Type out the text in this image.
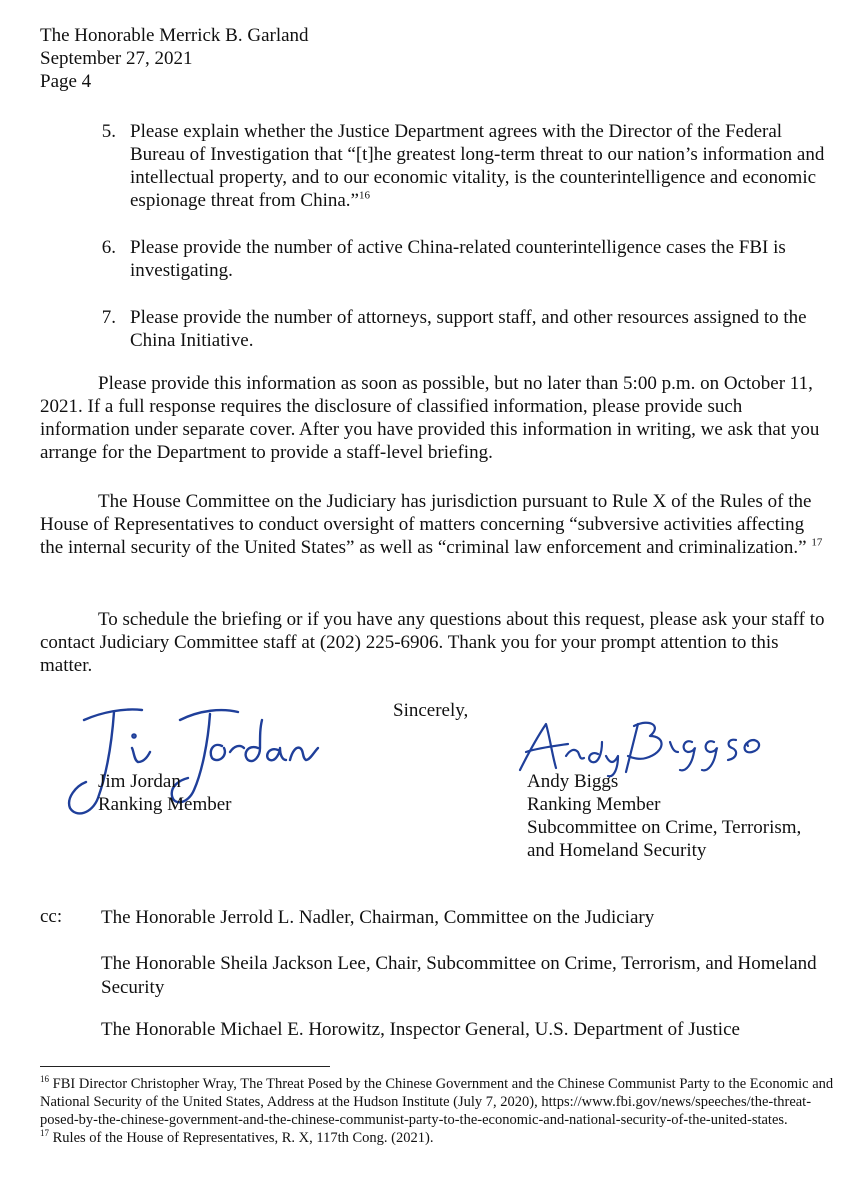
The Honorable Merrick B. Garland
September 27, 2021
Page 4
5. Please explain whether the Justice Department agrees with the Director of the Federal Bureau of Investigation that “[t]he greatest long-term threat to our nation’s information and intellectual property, and to our economic vitality, is the counterintelligence and economic espionage threat from China.”$^{16}$
6. Please provide the number of active China-related counterintelligence cases the FBI is investigating.
7. Please provide the number of attorneys, support staff, and other resources assigned to the China Initiative.
Please provide this information as soon as possible, but no later than 5:00 p.m. on October 11, 2021. If a full response requires the disclosure of classified information, please provide such information under separate cover. After you have provided this information in writing, we ask that you arrange for the Department to provide a staff-level briefing.
The House Committee on the Judiciary has jurisdiction pursuant to Rule X of the Rules of the House of Representatives to conduct oversight of matters concerning “subversive activities affecting the internal security of the United States” as well as “criminal law enforcement and criminalization.” $^{17}$
To schedule the briefing or if you have any questions about this request, please ask your staff to contact Judiciary Committee staff at (202) 225-6906. Thank you for your prompt attention to this matter.
Sincerely,
Jim Jordan
Ranking Member
Andy Biggs
Ranking Member
Subcommittee on Crime, Terrorism,
and Homeland Security
cc: The Honorable Jerrold L. Nadler, Chairman, Committee on the Judiciary
The Honorable Sheila Jackson Lee, Chair, Subcommittee on Crime, Terrorism, and Homeland Security
The Honorable Michael E. Horowitz, Inspector General, U.S. Department of Justice
$^{16}$ FBI Director Christopher Wray, The Threat Posed by the Chinese Government and the Chinese Communist Party to the Economic and National Security of the United States, Address at the Hudson Institute (July 7, 2020), https://www.fbi.gov/news/speeches/the-threat-posed-by-the-chinese-government-and-the-chinese-communist-party-to-the-economic-and-national-security-of-the-united-states.
$^{17}$ Rules of the House of Representatives, R. X, 117th Cong. (2021).
